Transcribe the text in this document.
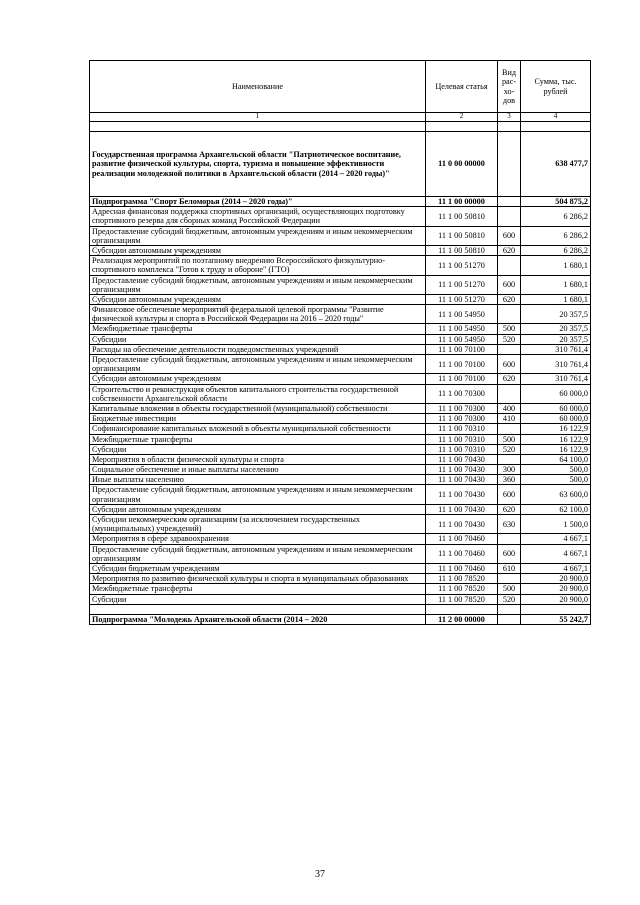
Наименование	Целевая статья	Вид рас-хо-дов	Сумма, тыс. рублей
1	2	3	4

Государственная программа Архангельской области "Патриотическое воспитание, развитие физической культуры, спорта, туризма и повышение эффективности реализации молодежной политики в Архангельской области (2014 – 2020 годы)"	11 0 00 00000		638 477,7
Подпрограмма "Спорт Беломорья (2014 – 2020 годы)"	11 1 00 00000		504 875,2
Адресная финансовая поддержка спортивных организаций, осуществляющих подготовку спортивного резерва для сборных команд Российской Федерации	11 1 00 50810		6 286,2
Предоставление субсидий бюджетным, автономным учреждениям и иным некоммерческим организациям	11 1 00 50810	600	6 286,2
Субсидии автономным учреждениям	11 1 00 50810	620	6 286,2
Реализация мероприятий по поэтапному внедрению Всероссийского физкультурно-спортивного комплекса "Готов к труду и обороне" (ГТО)	11 1 00 51270		1 680,1
Предоставление субсидий бюджетным, автономным учреждениям и иным некоммерческим организациям	11 1 00 51270	600	1 680,1
Субсидии автономным учреждениям	11 1 00 51270	620	1 680,1
Финансовое обеспечение мероприятий федеральной целевой программы "Развитие физической культуры и спорта в Российской Федерации на 2016 – 2020 годы"	11 1 00 54950		20 357,5
Межбюджетные трансферты	11 1 00 54950	500	20 357,5
Субсидии	11 1 00 54950	520	20 357,5
Расходы на обеспечение деятельности подведомственных учреждений	11 1 00 70100		310 761,4
Предоставление субсидий бюджетным, автономным учреждениям и иным некоммерческим организациям	11 1 00 70100	600	310 761,4
Субсидии автономным учреждениям	11 1 00 70100	620	310 761,4
Строительство и реконструкция объектов капитального строительства государственной собственности Архангельской области	11 1 00 70300		60 000,0
Капитальные вложения в объекты государственной (муниципальной) собственности	11 1 00 70300	400	60 000,0
Бюджетные инвестиции	11 1 00 70300	410	60 000,0
Софинансирование капитальных вложений в объекты муниципальной собственности	11 1 00 70310		16 122,9
Межбюджетные трансферты	11 1 00 70310	500	16 122,9
Субсидии	11 1 00 70310	520	16 122,9
Мероприятия в области физической культуры и спорта	11 1 00 70430		64 100,0
Социальное обеспечение и иные выплаты населению	11 1 00 70430	300	500,0
Иные выплаты населению	11 1 00 70430	360	500,0
Предоставление субсидий бюджетным, автономным учреждениям и иным некоммерческим организациям	11 1 00 70430	600	63 600,0
Субсидии автономным учреждениям	11 1 00 70430	620	62 100,0
Субсидии некоммерческим организациям (за исключением государственных (муниципальных) учреждений)	11 1 00 70430	630	1 500,0
Мероприятия в сфере здравоохранения	11 1 00 70460		4 667,1
Предоставление субсидий бюджетным, автономным учреждениям и иным некоммерческим организациям	11 1 00 70460	600	4 667,1
Субсидии бюджетным учреждениям	11 1 00 70460	610	4 667,1
Мероприятия по развитию физической культуры и спорта в муниципальных образованиях	11 1 00 78520		20 900,0
Межбюджетные трансферты	11 1 00 78520	500	20 900,0
Субсидии	11 1 00 78520	520	20 900,0

Подпрограмма "Молодежь Архангельской области (2014 – 2020	11 2 00 00000		55 242,7
37
